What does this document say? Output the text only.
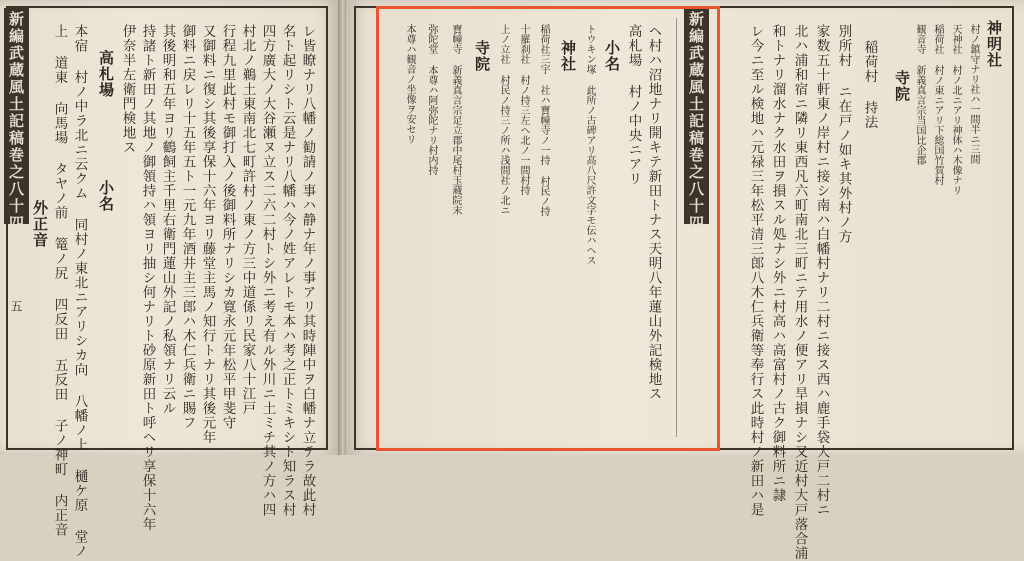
新編武蔵風土記稿巻之八十四
五	レ皆瞭ナリ八幡ノ勧請ノ事ハ静ナ年ノ事アリ其時陣中ヲ白幡ナ立テラ故此村
名ト起リシト云是ナリ八幡ハ今ノ姓アレトモ本ハ考之正トミキシト知ラス村
四方廣大ノ大谷瀬ヌ立ス二六二村トシ外ニ考え有ル外川ニ土ミチ其ノ方ハ四
村北ノ鵜土東南北七町許村ノ東ノ方三中道係リ民家八十江戸
行程九里此村モ御打入ノ後御料所ナリシカ寛永元年松平甲斐守
又御料ニ復シ其後享保十六年ヨリ藤堂主馬ノ知行トナリ其後元年
御料ニ戻レリ十五年五ト一元九年酒井主三郎ハ木仁兵衛ニ賜フ
其後明和五年ヨリ鶴飼主千里右衛門蓮山外記ノ私領ナリ云ル
持諸ト新田ノ其地ノ御領持ハ領ヨリ抽シ何ナリト砂原新田ト呼ヘリ享保十六年
伊奈半左衛門検地ス
高札場
小名
本宿 村ノ中ラ北ニ云クム 同村ノ東北ニアリシカ向 八幡ノ上 樋ケ原 堂ノ
上 道東 向馬場 タヤノ前 篭ノ尻 四反田 五反田 子ノ神町 内正音
外正音	新編武蔵風土記稿巻之八十四
ヘ村ハ沼地ナリ開キテ新田トナス天明八年蓮山外記検地ス
高札場 村ノ中央ニアリ
小名
トウキン塚 此所ノ古碑アリ高八尺許文字モ伝ハヘス
神社
稲荷社三宇 社ハ寶幢寺ノ一持 村民ノ持
十羅刹社 村ノ持三左ヘ北ノ一間村持
上ノ立社 村民ノ持三ノ所ハ浅間社ノ北ニ
寺院
寶幢寺 新義真言宗足立郡中尾村玉蔵院末
弥陀堂 本尊ハ阿弥陀ナリ村内持
本尊ハ観音ノ坐像ヲ安セリ	神明社
村ノ鎮守ナリ社ハ一間半ニ三間
天神社 村ノ北ニアリ神体ハ木像ナリ
稲荷社 村ノ東ニアリ下総国竹賀村
観音寺 新義真言宗当国比企郡
寺院
稲荷村 持法
別所村 ニ在戸ノ如キ其外村ノ方
家数五十軒東ノ岸村ニ接シ南ハ白幡村ナリ二村ニ接ス西ハ鹿手袋大戸二村ニ
北ハ浦和宿ニ隣リ東西凡六町南北三町ニテ用水ノ便アリ旱損ナシ又近村大戸落合浦
和トナリ溜水ナク水田ヲ損スル処ナシ外ニ村高ハ高富村ノ古ク御料所ニ隷
レ今ニ至ル検地ハ元禄三年松平清三郎八木仁兵衛等奉行ス此時村ノ新田ハ是
